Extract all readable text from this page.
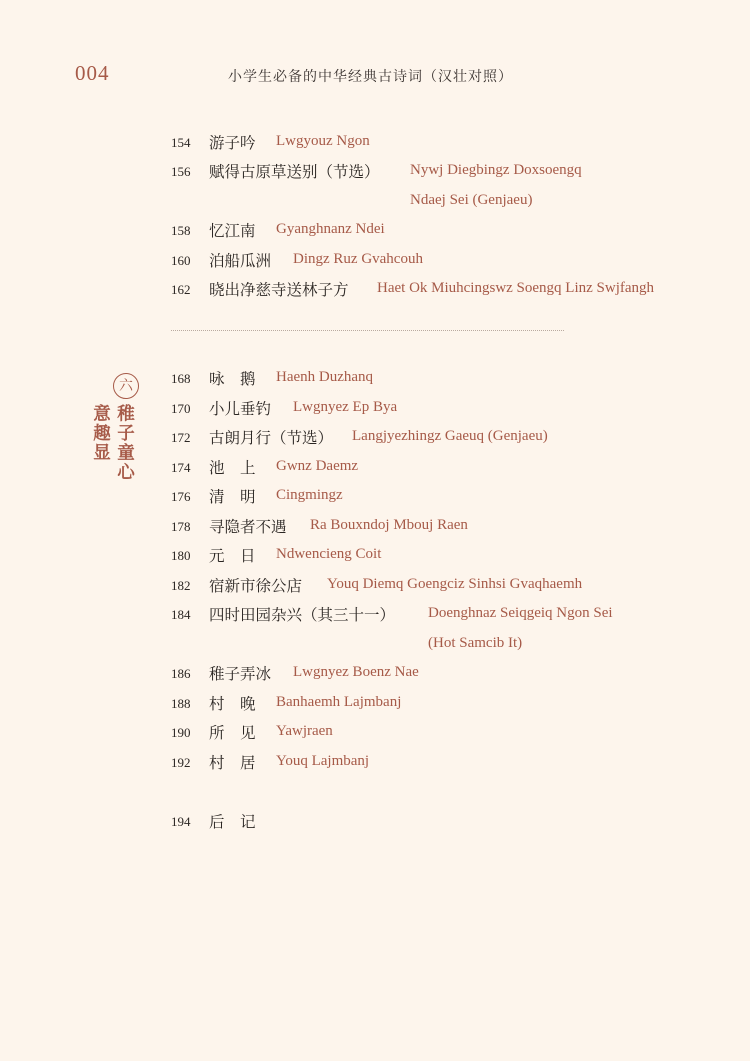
004	小学生必备的中华经典古诗词（汉壮对照）
154 游子吟 Lwgyouz Ngon
156 赋得古原草送别（节选） Nywj Diegbingz Doxsoengq
Ndaej Sei (Genjaeu)
158 忆江南 Gyanghnanz Ndei
160 泊船瓜洲 Dingz Ruz Gvahcouh
162 晓出净慈寺送林子方 Haet Ok Miuhcingswz Soengq Linz Swjfangh
六
稚子童心
意趣显
168 咏　鹅 Haenh Duzhanq
170 小儿垂钓 Lwgnyez Ep Bya
172 古朗月行（节选） Langjyezhingz Gaeuq (Genjaeu)
174 池　上 Gwnz Daemz
176 清　明 Cingmingz
178 寻隐者不遇 Ra Bouxndoj Mbouj Raen
180 元　日 Ndwencieng Coit
182 宿新市徐公店 Youq Diemq Goengciz Sinhsi Gvaqhaemh
184 四时田园杂兴（其三十一） Doenghnaz Seiqgeiq Ngon Sei
(Hot Samcib It)
186 稚子弄冰 Lwgnyez Boenz Nae
188 村　晚 Banhaemh Lajmbanj
190 所　见 Yawjraen
192 村　居 Youq Lajmbanj
194 后　记
